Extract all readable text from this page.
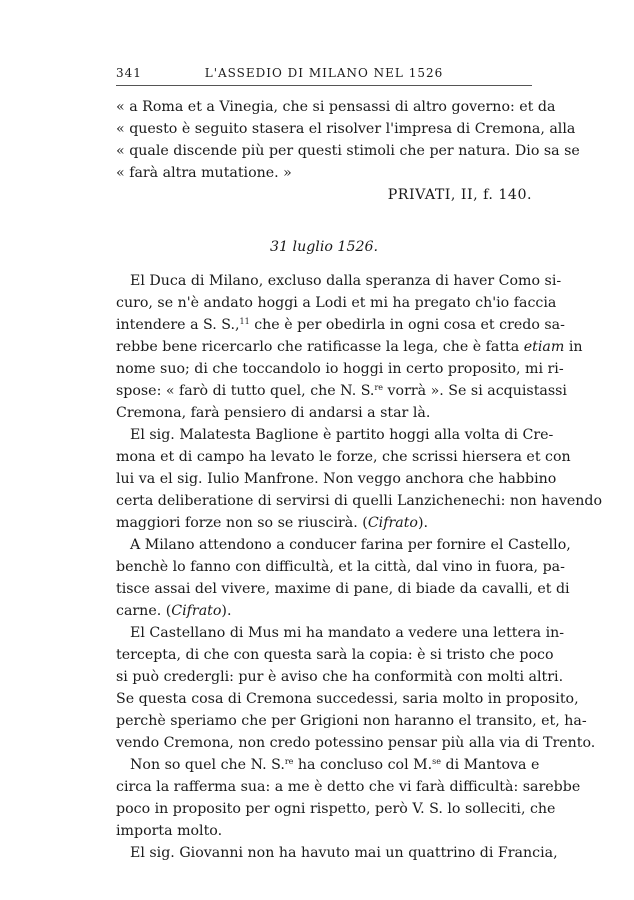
341	L'ASSEDIO DI MILANO NEL 1526
« a Roma et a Vinegia, che si pensassi di altro governo: et da
« questo è seguito stasera el risolver l'impresa di Cremona, alla
« quale discende più per questi stimoli che per natura. Dio sa se
« farà altra mutatione. »
PRIVATI, II, f. 140.
31 luglio 1526.
El Duca di Milano, excluso dalla speranza di haver Como si-
curo, se n'è andato hoggi a Lodi et mi ha pregato ch'io faccia
intendere a S. S.,$^{11}$ che è per obedirla in ogni cosa et credo sa-
rebbe bene ricercarlo che ratificasse la lega, che è fatta etiam in
nome suo; di che toccandolo io hoggi in certo proposito, mi ri-
spose: « farò di tutto quel, che N. S.$^{re}$ vorrà ». Se si acquistassi
Cremona, farà pensiero di andarsi a star là.
El sig. Malatesta Baglione è partito hoggi alla volta di Cre-
mona et di campo ha levato le forze, che scrissi hiersera et con
lui va el sig. Iulio Manfrone. Non veggo anchora che habbino
certa deliberatione di servirsi di quelli Lanzichenechi: non havendo
maggiori forze non so se riuscirà. (Cifrato).
A Milano attendono a conducer farina per fornire el Castello,
benchè lo fanno con difficultà, et la città, dal vino in fuora, pa-
tisce assai del vivere, maxime di pane, di biade da cavalli, et di
carne. (Cifrato).
El Castellano di Mus mi ha mandato a vedere una lettera in-
tercepta, di che con questa sarà la copia: è si tristo che poco
si può credergli: pur è aviso che ha conformità con molti altri.
Se questa cosa di Cremona succedessi, saria molto in proposito,
perchè speriamo che per Grigioni non haranno el transito, et, ha-
vendo Cremona, non credo potessino pensar più alla via di Trento.
Non so quel che N. S.$^{re}$ ha concluso col M.$^{se}$ di Mantova e
circa la rafferma sua: a me è detto che vi farà difficultà: sarebbe
poco in proposito per ogni rispetto, però V. S. lo solleciti, che
importa molto.
El sig. Giovanni non ha havuto mai un quattrino di Francia,
